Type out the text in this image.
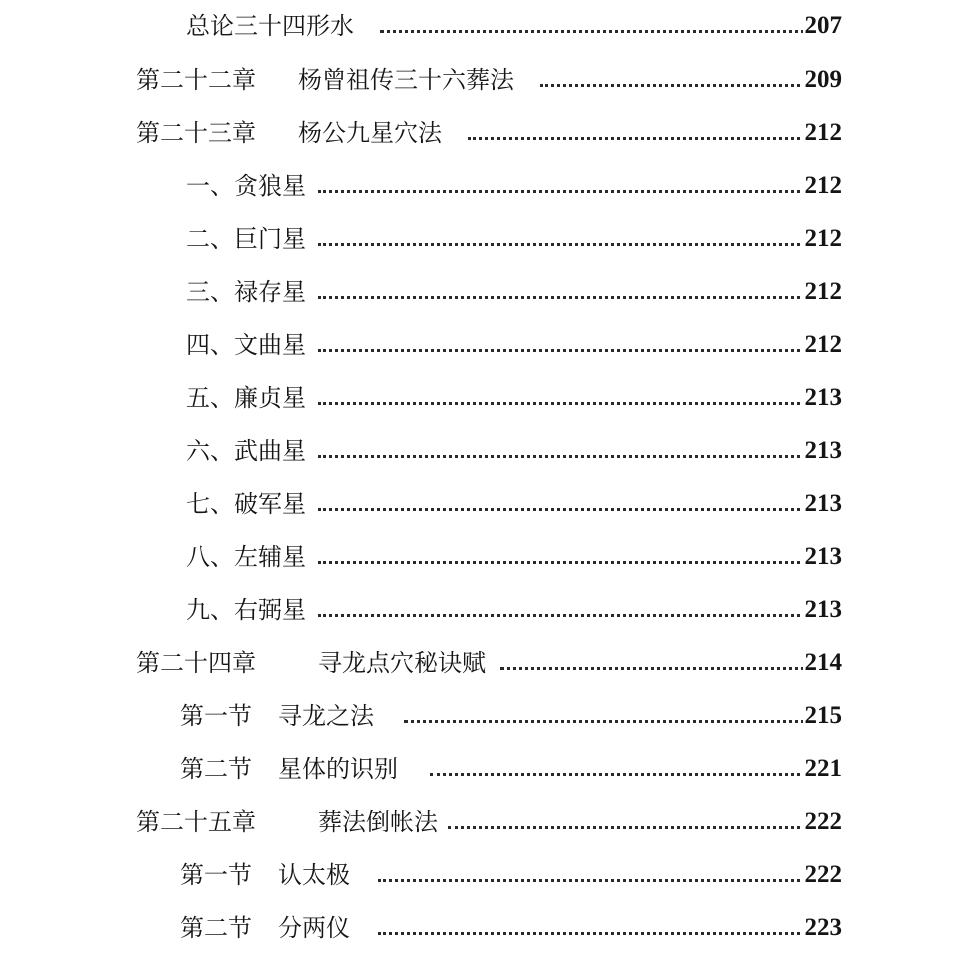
总论三十四形水	207
第二十二章 杨曾祖传三十六葬法	209
第二十三章 杨公九星穴法	212
一、贪狼星	212
二、巨门星	212
三、禄存星	212
四、文曲星	212
五、廉贞星	213
六、武曲星	213
七、破军星	213
八、左辅星	213
九、右弼星	213
第二十四章	寻龙点穴秘诀赋	214
第一节 寻龙之法	215
第二节 星体的识别	221
第二十五章	葬法倒帐法	222
第一节 认太极	222
第二节 分两仪	223
